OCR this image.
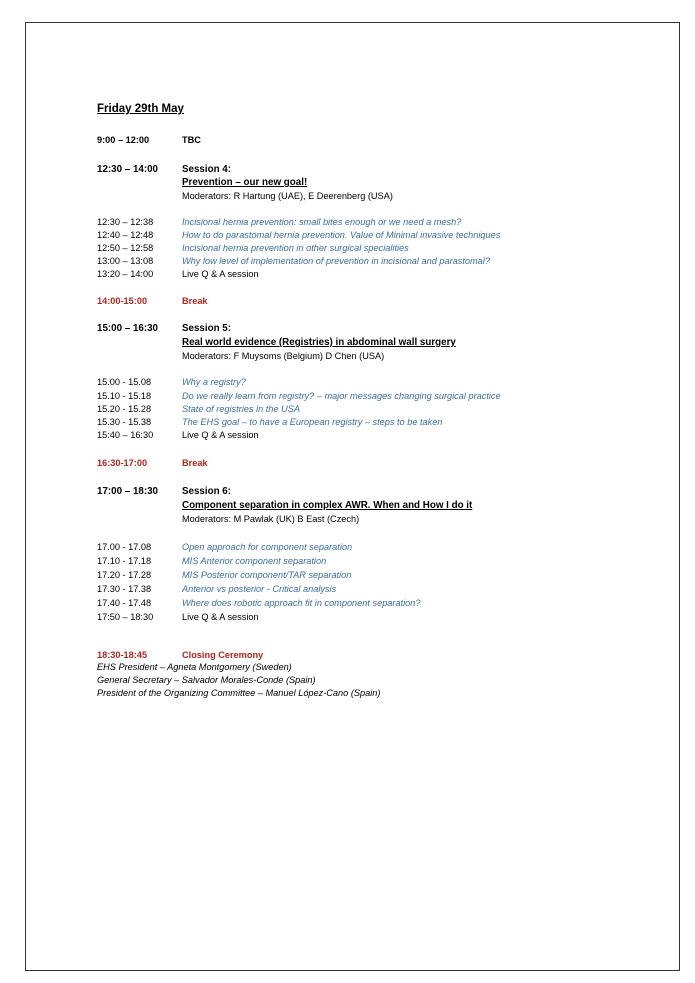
Friday 29th May
9:00 – 12:00	TBC
12:30 – 14:00 Session 4:
Prevention – our new goal!
Moderators: R Hartung (UAE), E Deerenberg (USA)
12:30 – 12:38	Incisional hernia prevention: small bites enough or we need a mesh?
12:40 – 12:48	How to do parastomal hernia prevention. Value of Minimal invasive techniques
12:50 – 12:58	Incisional hernia prevention in other surgical specialities
13:00 – 13:08	Why low level of implementation of prevention in incisional and parastomal?
13:20 – 14:00	Live Q & A session
14:00-15:00	Break
15:00 – 16:30 Session 5:
Real world evidence (Registries) in abdominal wall surgery
Moderators: F Muysoms (Belgium) D Chen (USA)
15.00 - 15.08	Why a registry?
15.10 - 15.18	Do we really learn from registry? – major messages changing surgical practice
15.20 - 15.28	State of registries in the USA
15.30 - 15.38	The EHS goal – to have a European registry – steps to be taken
15:40 – 16:30	Live Q & A session
16:30-17:00	Break
17:00 – 18:30 Session 6:
Component separation in complex AWR. When and How I do it
Moderators: M Pawlak (UK) B East (Czech)
17.00 - 17.08	Open approach for component separation
17.10 - 17.18	MIS Anterior component separation
17.20 - 17.28	MIS Posterior component/TAR separation
17.30 - 17.38	Anterior vs posterior - Critical analysis
17.40 - 17.48	Where does robotic approach fit in component separation?
17:50 – 18:30	Live Q & A session
18:30-18:45	Closing Ceremony
EHS President – Agneta Montgomery (Sweden)
General Secretary – Salvador Morales-Conde (Spain)
President of the Organizing Committee – Manuel López-Cano (Spain)
